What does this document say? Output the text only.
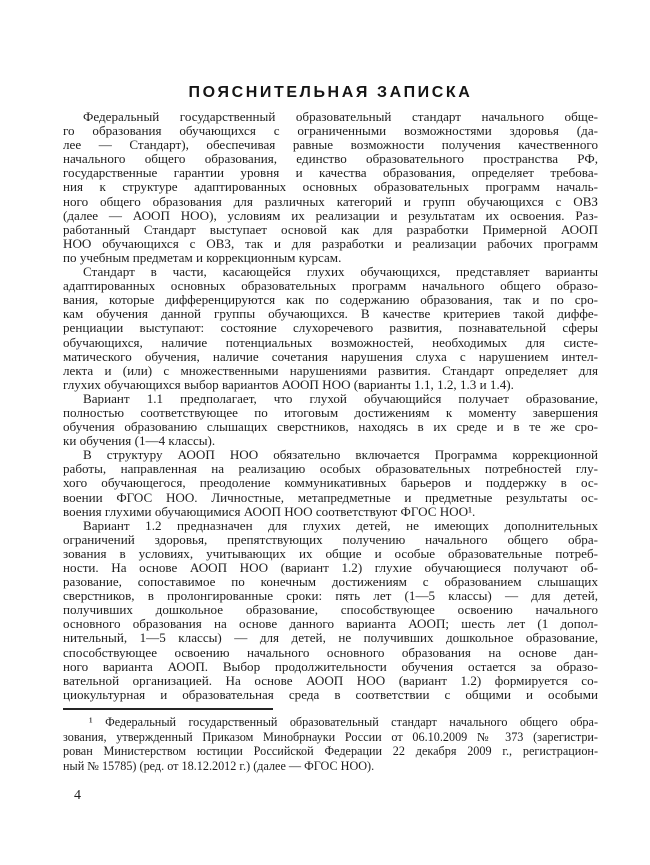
ПОЯСНИТЕЛЬНАЯ ЗАПИСКА
Федеральный государственный образовательный стандарт начального обще-
го образования обучающихся с ограниченными возможностями здоровья (да-
лее — Стандарт), обеспечивая равные возможности получения качественного
начального общего образования, единство образовательного пространства РФ,
государственные гарантии уровня и качества образования, определяет требова-
ния к структуре адаптированных основных образовательных программ началь-
ного общего образования для различных категорий и групп обучающихся с ОВЗ
(далее — АООП НОО), условиям их реализации и результатам их освоения. Раз-
работанный Стандарт выступает основой как для разработки Примерной АООП
НОО обучающихся с ОВЗ, так и для разработки и реализации рабочих программ
по учебным предметам и коррекционным курсам.
Стандарт в части, касающейся глухих обучающихся, представляет варианты
адаптированных основных образовательных программ начального общего образо-
вания, которые дифференцируются как по содержанию образования, так и по сро-
кам обучения данной группы обучающихся. В качестве критериев такой диффе-
ренциации выступают: состояние слухоречевого развития, познавательной сферы
обучающихся, наличие потенциальных возможностей, необходимых для систе-
матического обучения, наличие сочетания нарушения слуха с нарушением интел-
лекта и (или) с множественными нарушениями развития. Стандарт определяет для
глухих обучающихся выбор вариантов АООП НОО (варианты 1.1, 1.2, 1.3 и 1.4).
Вариант 1.1 предполагает, что глухой обучающийся получает образование,
полностью соответствующее по итоговым достижениям к моменту завершения
обучения образованию слышащих сверстников, находясь в их среде и в те же сро-
ки обучения (1—4 классы).
В структуру АООП НОО обязательно включается Программа коррекционной
работы, направленная на реализацию особых образовательных потребностей глу-
хого обучающегося, преодоление коммуникативных барьеров и поддержку в ос-
воении ФГОС НОО. Личностные, метапредметные и предметные результаты ос-
воения глухими обучающимися АООП НОО соответствуют ФГОС НОО¹.
Вариант 1.2 предназначен для глухих детей, не имеющих дополнительных
ограничений здоровья, препятствующих получению начального общего обра-
зования в условиях, учитывающих их общие и особые образовательные потреб-
ности. На основе АООП НОО (вариант 1.2) глухие обучающиеся получают об-
разование, сопоставимое по конечным достижениям с образованием слышащих
сверстников, в пролонгированные сроки: пять лет (1—5 классы) — для детей,
получивших дошкольное образование, способствующее освоению начального
основного образования на основе данного варианта АООП; шесть лет (1 допол-
нительный, 1—5 классы) — для детей, не получивших дошкольное образование,
способствующее освоению начального основного образования на основе дан-
ного варианта АООП. Выбор продолжительности обучения остается за образо-
вательной организацией. На основе АООП НОО (вариант 1.2) формируется со-
циокультурная и образовательная среда в соответствии с общими и особыми
¹ Федеральный государственный образовательный стандарт начального общего обра-
зования, утвержденный Приказом Минобрнауки России от 06.10.2009 № 373 (зарегистри-
рован Министерством юстиции Российской Федерации 22 декабря 2009 г., регистрацион-
ный № 15785) (ред. от 18.12.2012 г.) (далее — ФГОС НОО).
4
